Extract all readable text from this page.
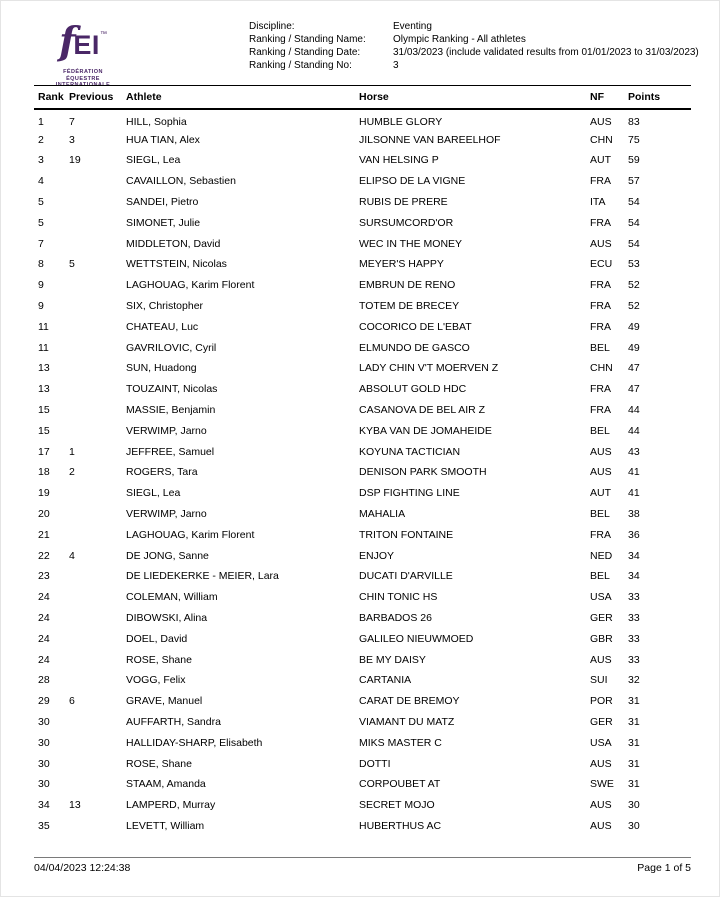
fEI™
FÉDÉRATION
ÉQUESTRE
INTERNATIONALE
Discipline:	Eventing
Ranking / Standing Name:	Olympic Ranking - All athletes
Ranking / Standing Date:	31/03/2023 (include validated results from 01/01/2023 to 31/03/2023)
Ranking / Standing No:	3
Rank	Previous	Athlete	Horse	NF	Points
1	7	HILL, Sophia	HUMBLE GLORY	AUS	83
2	3	HUA TIAN, Alex	JILSONNE VAN BAREELHOF	CHN	75
3	19	SIEGL, Lea	VAN HELSING P	AUT	59
4		CAVAILLON, Sebastien	ELIPSO DE LA VIGNE	FRA	57
5		SANDEI, Pietro	RUBIS DE PRERE	ITA	54
5		SIMONET, Julie	SURSUMCORD'OR	FRA	54
7		MIDDLETON, David	WEC IN THE MONEY	AUS	54
8	5	WETTSTEIN, Nicolas	MEYER'S HAPPY	ECU	53
9		LAGHOUAG, Karim Florent	EMBRUN DE RENO	FRA	52
9		SIX, Christopher	TOTEM DE BRECEY	FRA	52
11		CHATEAU, Luc	COCORICO DE L'EBAT	FRA	49
11		GAVRILOVIC, Cyril	ELMUNDO DE GASCO	BEL	49
13		SUN, Huadong	LADY CHIN V'T MOERVEN Z	CHN	47
13		TOUZAINT, Nicolas	ABSOLUT GOLD HDC	FRA	47
15		MASSIE, Benjamin	CASANOVA DE BEL AIR Z	FRA	44
15		VERWIMP, Jarno	KYBA VAN DE JOMAHEIDE	BEL	44
17	1	JEFFREE, Samuel	KOYUNA TACTICIAN	AUS	43
18	2	ROGERS, Tara	DENISON PARK SMOOTH	AUS	41
19		SIEGL, Lea	DSP FIGHTING LINE	AUT	41
20		VERWIMP, Jarno	MAHALIA	BEL	38
21		LAGHOUAG, Karim Florent	TRITON FONTAINE	FRA	36
22	4	DE JONG, Sanne	ENJOY	NED	34
23		DE LIEDEKERKE - MEIER, Lara	DUCATI D'ARVILLE	BEL	34
24		COLEMAN, William	CHIN TONIC HS	USA	33
24		DIBOWSKI, Alina	BARBADOS 26	GER	33
24		DOEL, David	GALILEO NIEUWMOED	GBR	33
24		ROSE, Shane	BE MY DAISY	AUS	33
28		VOGG, Felix	CARTANIA	SUI	32
29	6	GRAVE, Manuel	CARAT DE BREMOY	POR	31
30		AUFFARTH, Sandra	VIAMANT DU MATZ	GER	31
30		HALLIDAY-SHARP, Elisabeth	MIKS MASTER C	USA	31
30		ROSE, Shane	DOTTI	AUS	31
30		STAAM, Amanda	CORPOUBET AT	SWE	31
34	13	LAMPERD, Murray	SECRET MOJO	AUS	30
35		LEVETT, William	HUBERTHUS AC	AUS	30
04/04/2023 12:24:38	Page 1 of 5
